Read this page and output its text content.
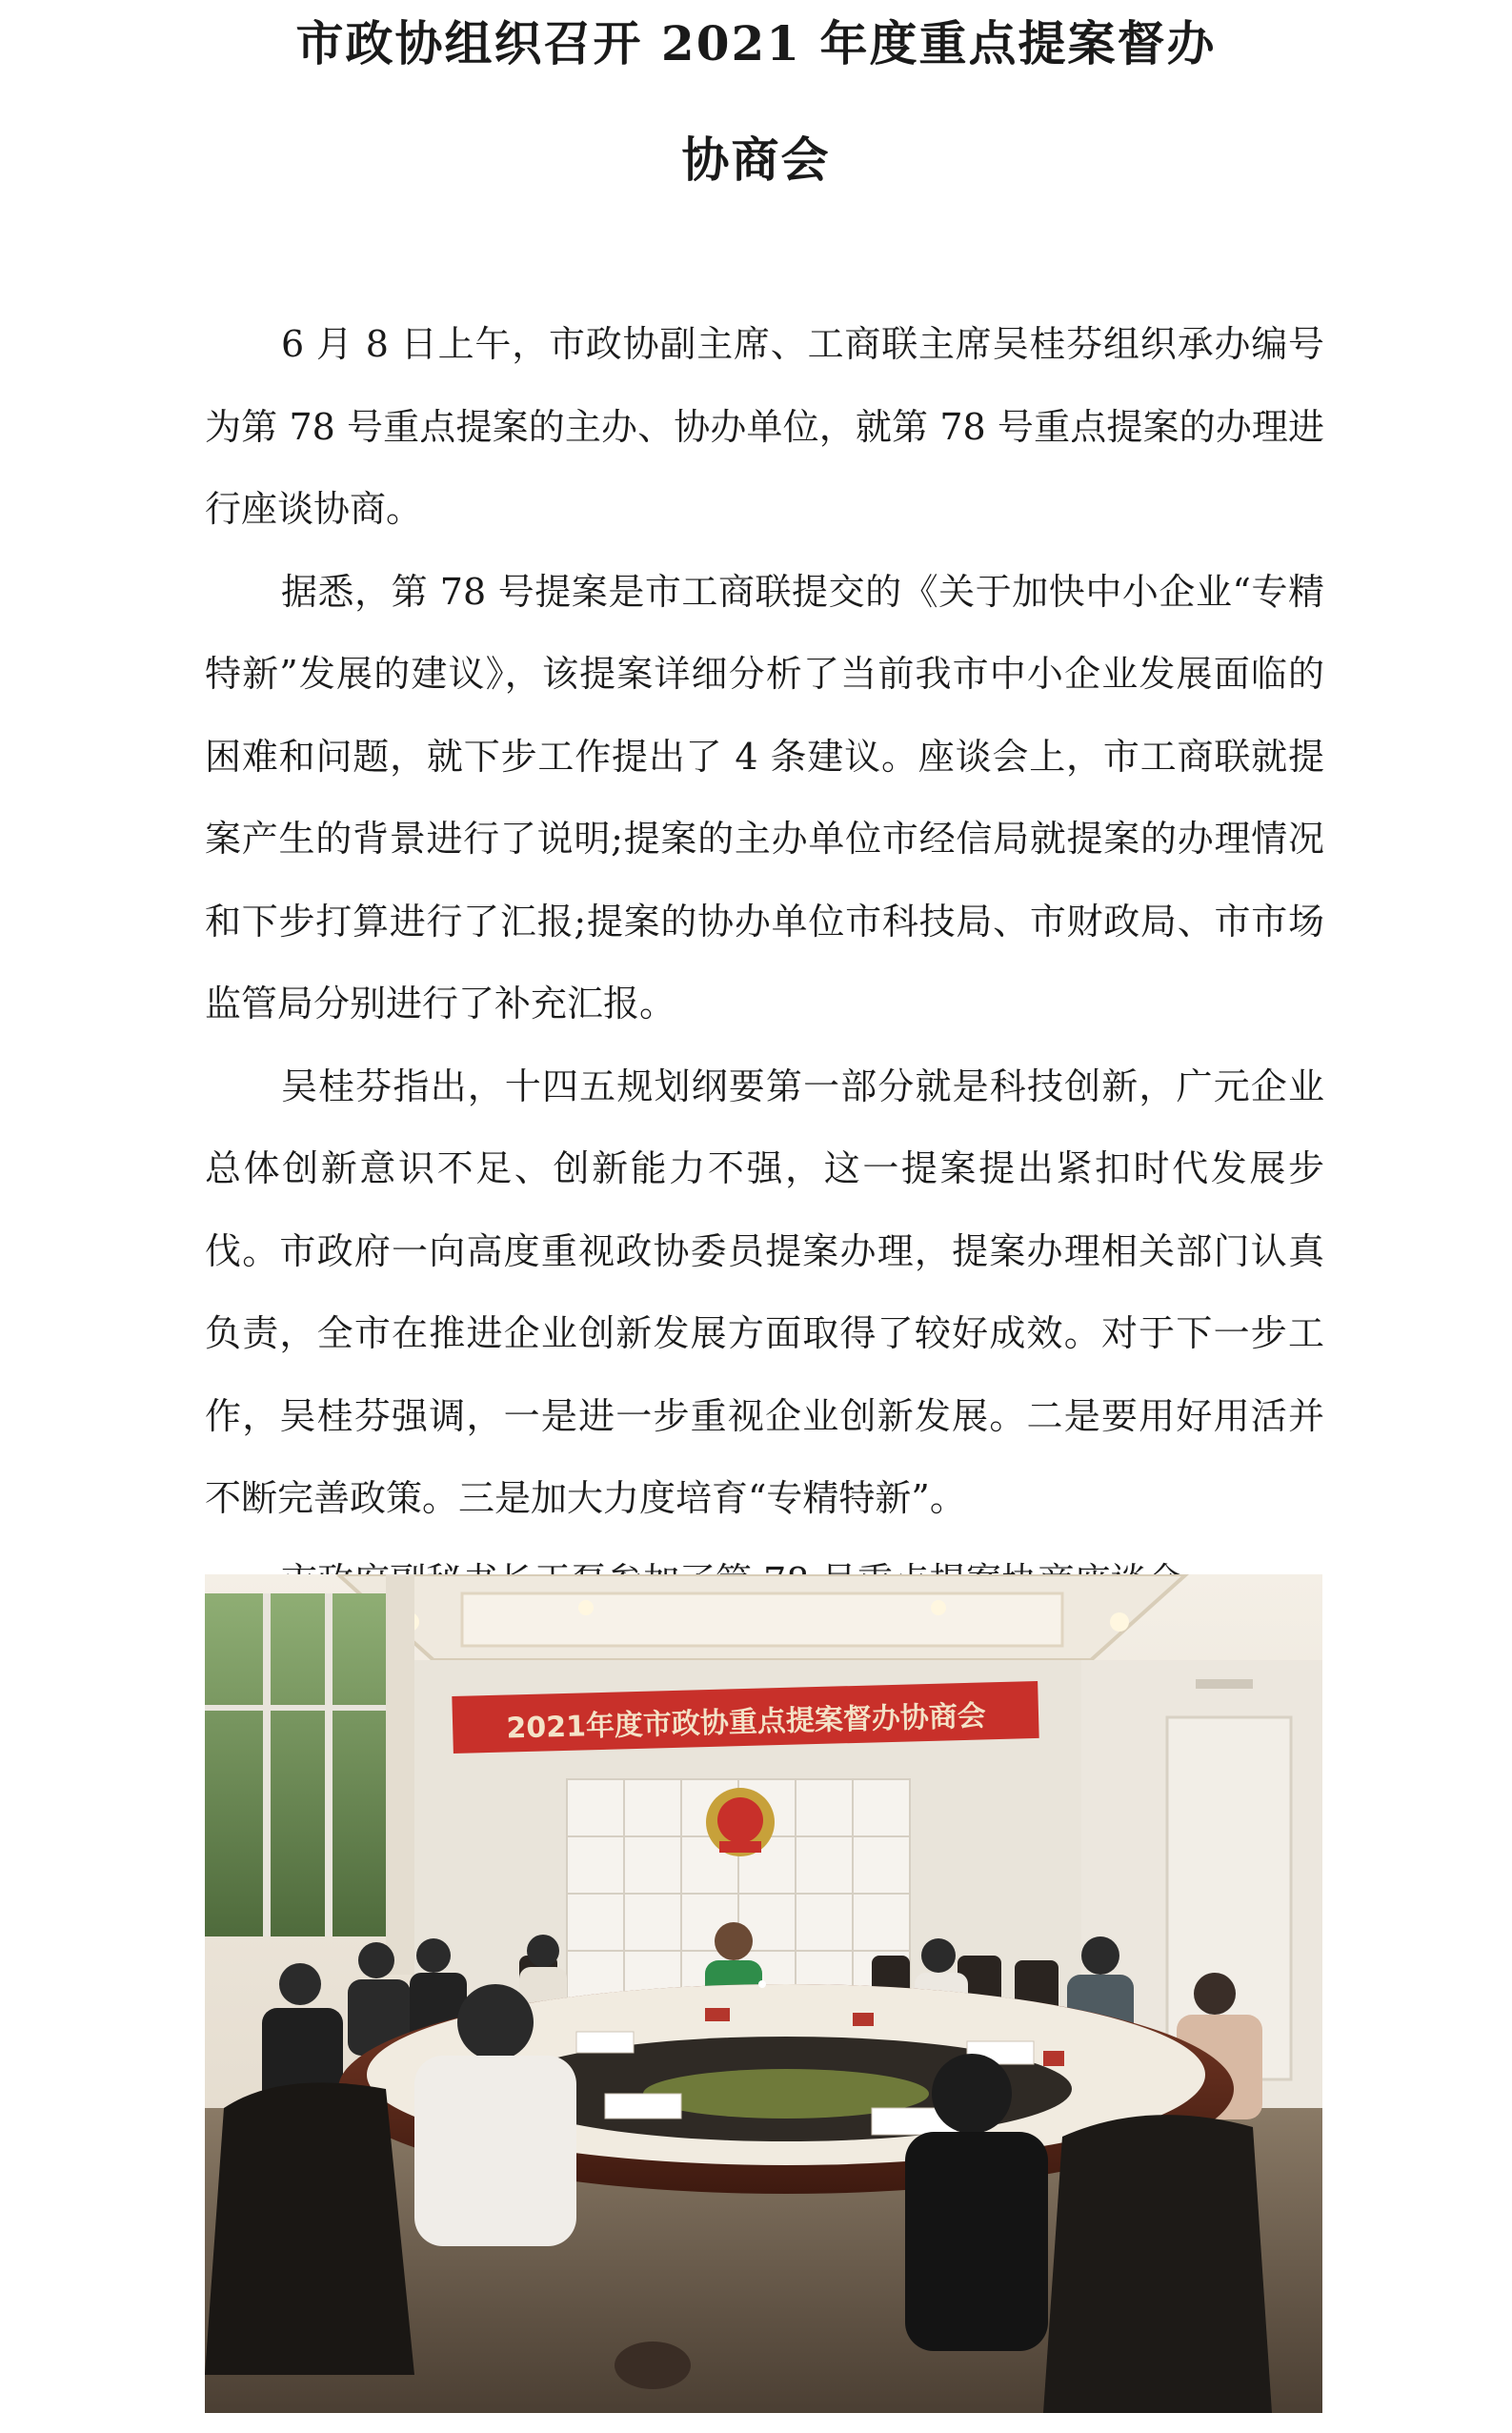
市政协组织召开 2021 年度重点提案督办
协商会

6 月 8 日上午，市政协副主席、工商联主席吴桂芬组织承办编号为第 78 号重点提案的主办、协办单位，就第 78 号重点提案的办理进行座谈协商。

据悉，第 78 号提案是市工商联提交的《关于加快中小企业“专精特新”发展的建议》，该提案详细分析了当前我市中小企业发展面临的困难和问题，就下步工作提出了 4 条建议。座谈会上，市工商联就提案产生的背景进行了说明;提案的主办单位市经信局就提案的办理情况和下步打算进行了汇报;提案的协办单位市科技局、市财政局、市市场监管局分别进行了补充汇报。

吴桂芬指出，十四五规划纲要第一部分就是科技创新，广元企业总体创新意识不足、创新能力不强，这一提案提出紧扣时代发展步伐。市政府一向高度重视政协委员提案办理，提案办理相关部门认真负责，全市在推进企业创新发展方面取得了较好成效。对于下一步工作，吴桂芬强调，一是进一步重视企业创新发展。二是要用好用活并不断完善政策。三是加大力度培育“专精特新”。

2021年度市政协重点提案督办协商会
